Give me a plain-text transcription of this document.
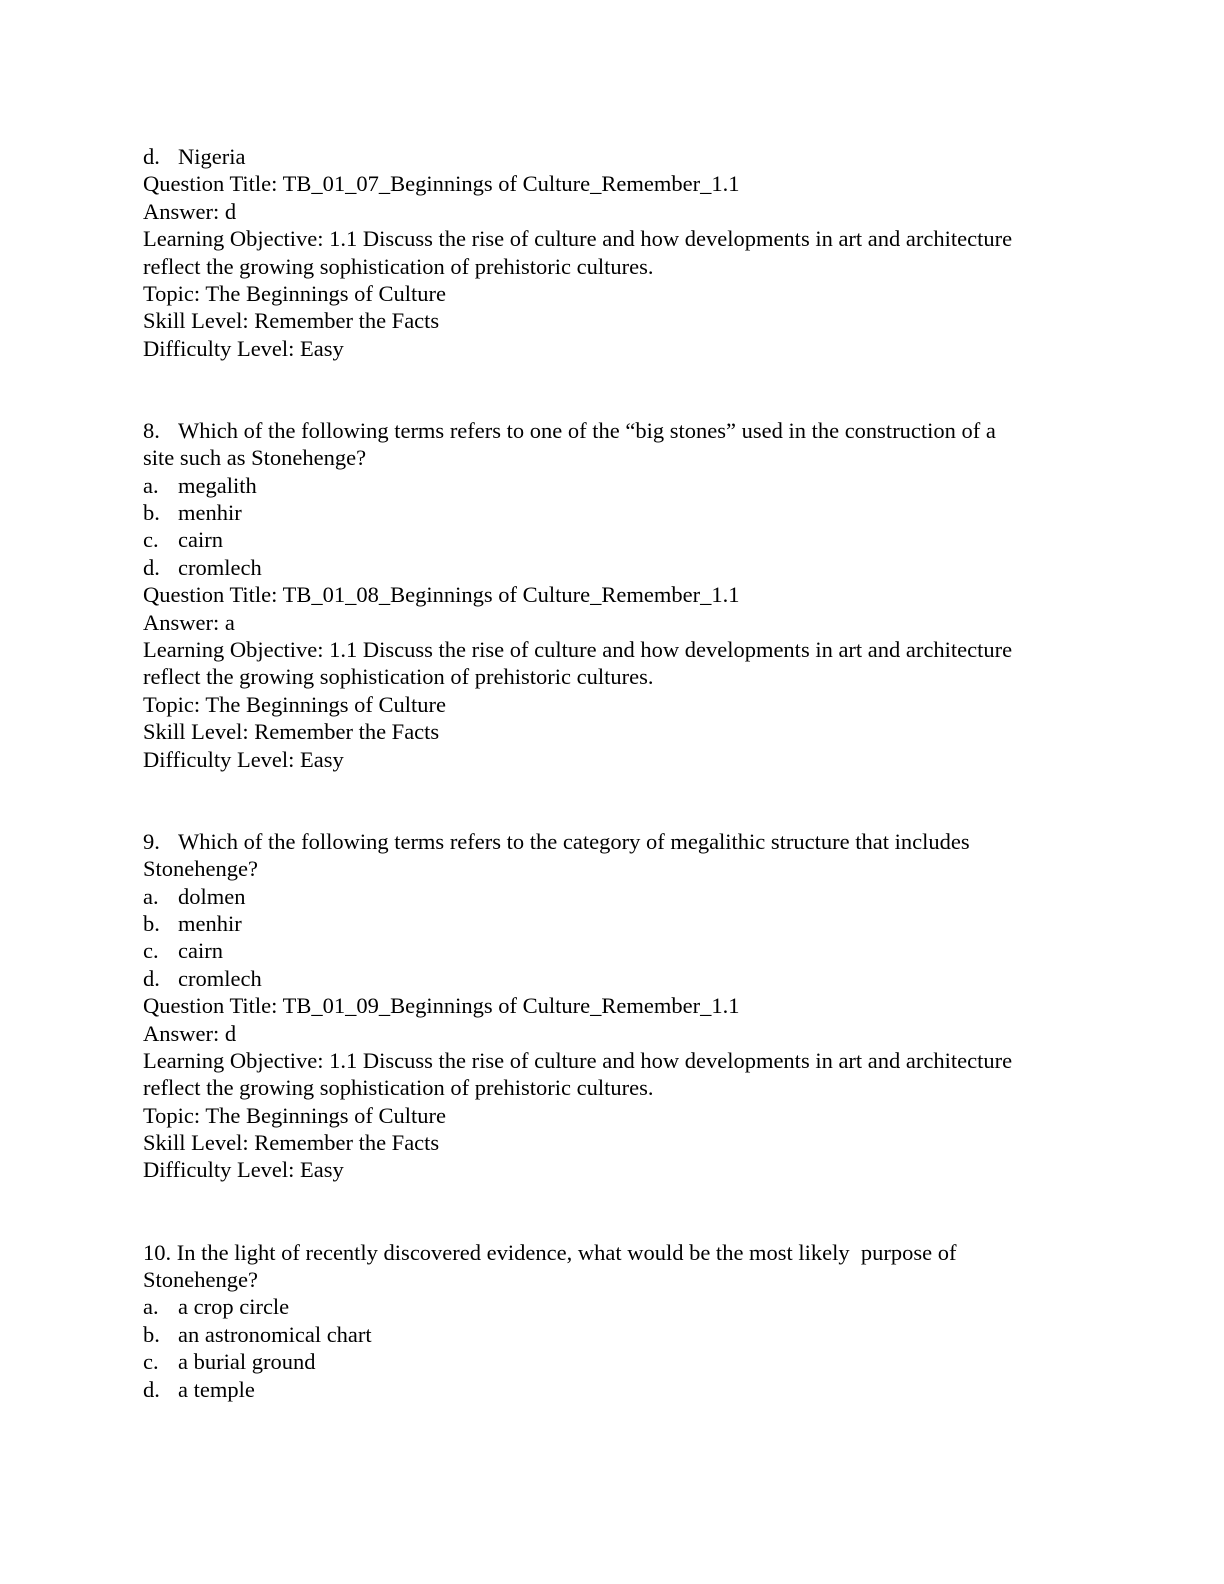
d. Nigeria
Question Title: TB_01_07_Beginnings of Culture_Remember_1.1
Answer: d
Learning Objective: 1.1 Discuss the rise of culture and how developments in art and architecture
reflect the growing sophistication of prehistoric cultures.
Topic: The Beginnings of Culture
Skill Level: Remember the Facts
Difficulty Level: Easy
8. Which of the following terms refers to one of the “big stones” used in the construction of a
site such as Stonehenge?
a. megalith
b. menhir
c. cairn
d. cromlech
Question Title: TB_01_08_Beginnings of Culture_Remember_1.1
Answer: a
Learning Objective: 1.1 Discuss the rise of culture and how developments in art and architecture
reflect the growing sophistication of prehistoric cultures.
Topic: The Beginnings of Culture
Skill Level: Remember the Facts
Difficulty Level: Easy
9. Which of the following terms refers to the category of megalithic structure that includes
Stonehenge?
a. dolmen
b. menhir
c. cairn
d. cromlech
Question Title: TB_01_09_Beginnings of Culture_Remember_1.1
Answer: d
Learning Objective: 1.1 Discuss the rise of culture and how developments in art and architecture
reflect the growing sophistication of prehistoric cultures.
Topic: The Beginnings of Culture
Skill Level: Remember the Facts
Difficulty Level: Easy
10. In the light of recently discovered evidence, what would be the most likely  purpose of
Stonehenge?
a. a crop circle
b. an astronomical chart
c. a burial ground
d. a temple
